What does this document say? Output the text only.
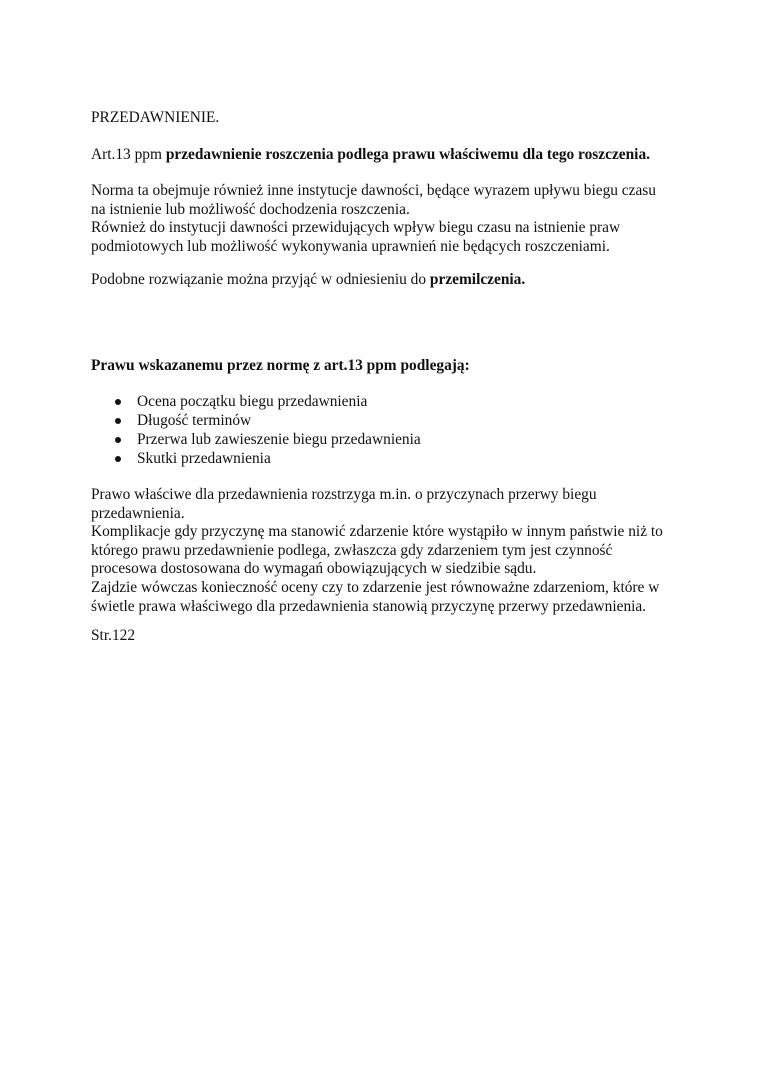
PRZEDAWNIENIE.

Art.13 ppm przedawnienie roszczenia podlega prawu właściwemu dla tego roszczenia.

Norma ta obejmuje również inne instytucje dawności, będące wyrazem upływu biegu czasu
na istnienie lub możliwość dochodzenia roszczenia.
Również do instytucji dawności przewidujących wpływ biegu czasu na istnienie praw
podmiotowych lub możliwość wykonywania uprawnień nie będących roszczeniami.

Podobne rozwiązanie można przyjąć w odniesieniu do przemilczenia.

Prawu wskazanemu przez normę z art.13 ppm podlegają:

Ocena początku biegu przedawnienia
Długość terminów
Przerwa lub zawieszenie biegu przedawnienia
Skutki przedawnienia

Prawo właściwe dla przedawnienia rozstrzyga m.in. o przyczynach przerwy biegu
przedawnienia.
Komplikacje gdy przyczynę ma stanowić zdarzenie które wystąpiło w innym państwie niż to
którego prawu przedawnienie podlega, zwłaszcza gdy zdarzeniem tym jest czynność
procesowa dostosowana do wymagań obowiązujących w siedzibie sądu.
Zajdzie wówczas konieczność oceny czy to zdarzenie jest równoważne zdarzeniom, które w
świetle prawa właściwego dla przedawnienia stanowią przyczynę przerwy przedawnienia.

Str.122
